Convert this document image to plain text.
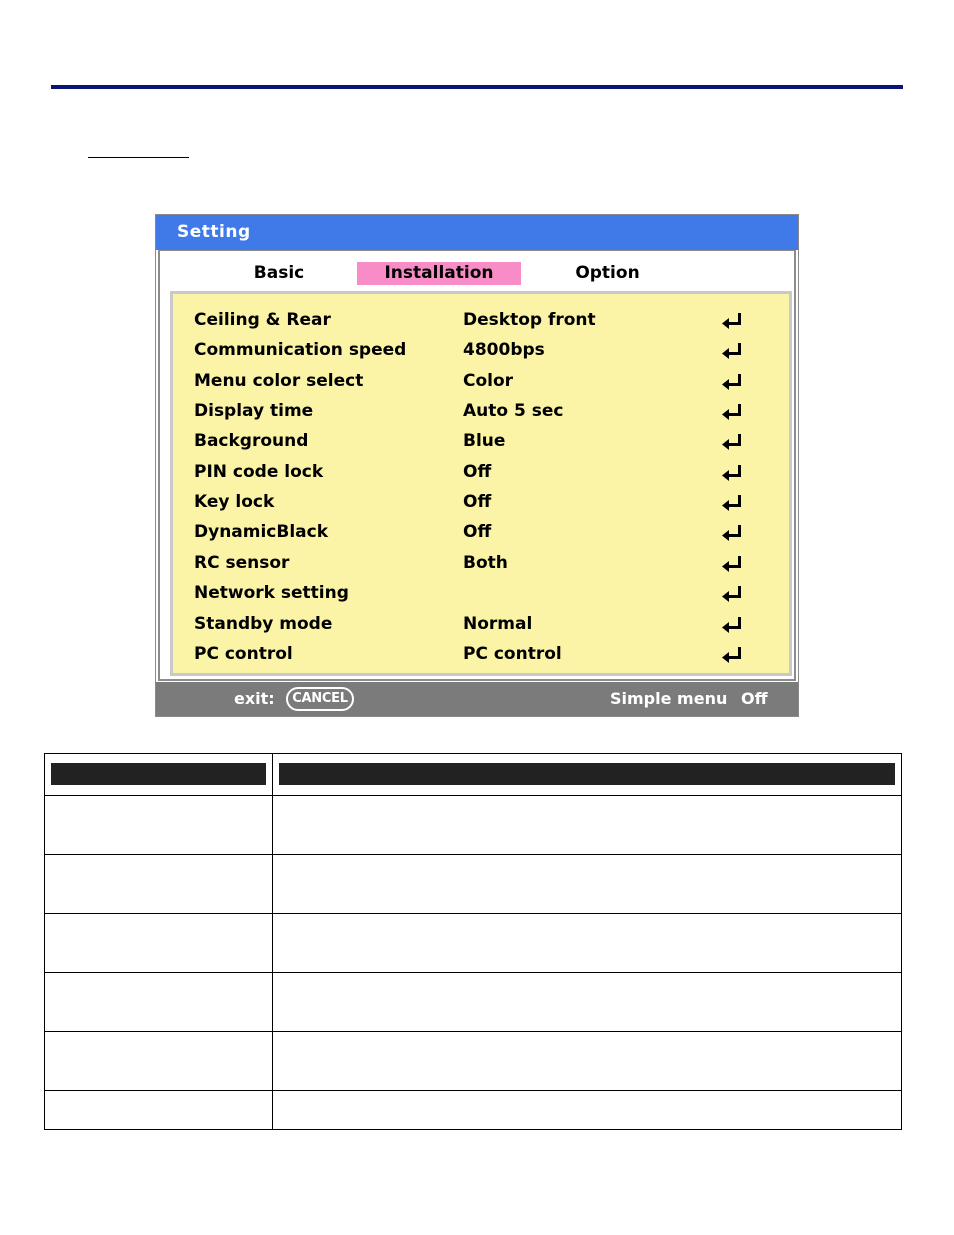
Setting
Basic	Installation	Option
Ceiling & Rear	Desktop front
Communication speed	4800bps
Menu color select	Color
Display time	Auto 5 sec
Background	Blue
PIN code lock	Off
Key lock	Off
DynamicBlack	Off
RC sensor	Both
Network setting
Standby mode	Normal
PC control	PC control
exit:	CANCEL	Simple menu Off
